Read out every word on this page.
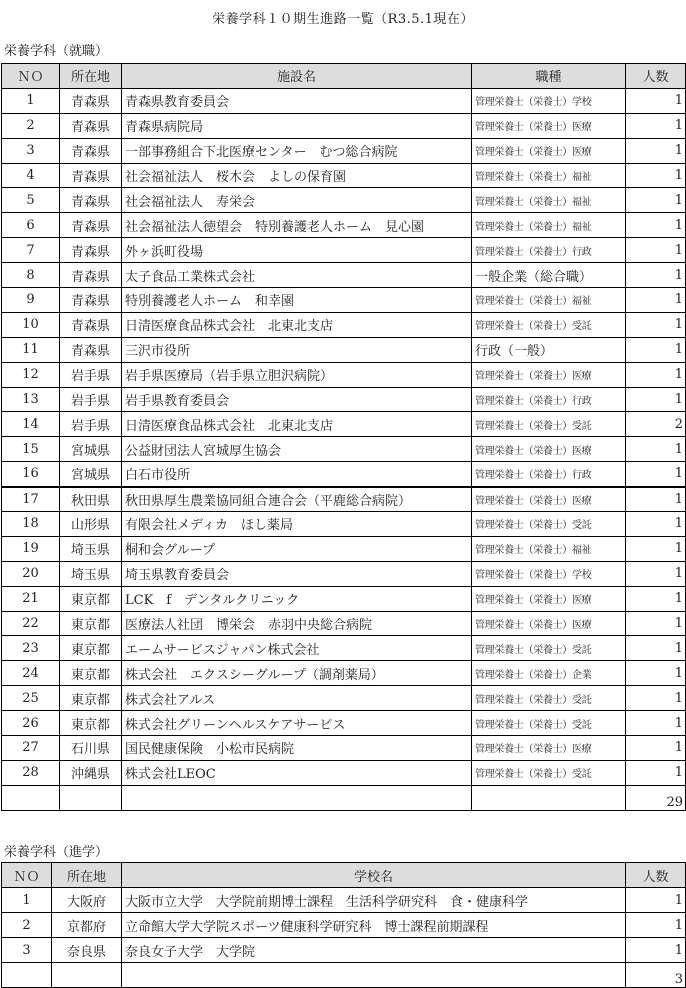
栄養学科１０期生進路一覧（R3.5.1現在）
栄養学科（就職）
ＮＯ	所在地	施設名	職種	人数
1	青森県	青森県教育委員会	管理栄養士（栄養士）学校	1
2	青森県	青森県病院局	管理栄養士（栄養士）医療	1
3	青森県	一部事務組合下北医療センター　むつ総合病院	管理栄養士（栄養士）医療	1
4	青森県	社会福祉法人　桜木会　よしの保育園	管理栄養士（栄養士）福祉	1
5	青森県	社会福祉法人　寿栄会	管理栄養士（栄養士）福祉	1
6	青森県	社会福祉法人徳望会　特別養護老人ホーム　見心園	管理栄養士（栄養士）福祉	1
7	青森県	外ヶ浜町役場	管理栄養士（栄養士）行政	1
8	青森県	太子食品工業株式会社	一般企業（総合職）	1
9	青森県	特別養護老人ホーム　和幸園	管理栄養士（栄養士）福祉	1
10	青森県	日清医療食品株式会社　北東北支店	管理栄養士（栄養士）受託	1
11	青森県	三沢市役所	行政（一般）	1
12	岩手県	岩手県医療局（岩手県立胆沢病院）	管理栄養士（栄養士）医療	1
13	岩手県	岩手県教育委員会	管理栄養士（栄養士）行政	1
14	岩手県	日清医療食品株式会社　北東北支店	管理栄養士（栄養士）受託	2
15	宮城県	公益財団法人宮城厚生協会	管理栄養士（栄養士）医療	1
16	宮城県	白石市役所	管理栄養士（栄養士）行政	1
17	秋田県	秋田県厚生農業協同組合連合会（平鹿総合病院）	管理栄養士（栄養士）医療	1
18	山形県	有限会社メディカ　ほし薬局	管理栄養士（栄養士）受託	1
19	埼玉県	桐和会グループ	管理栄養士（栄養士）福祉	1
20	埼玉県	埼玉県教育委員会	管理栄養士（栄養士）学校	1
21	東京都	LCK　f　デンタルクリニック	管理栄養士（栄養士）医療	1
22	東京都	医療法人社団　博栄会　赤羽中央総合病院	管理栄養士（栄養士）医療	1
23	東京都	エームサービスジャパン株式会社	管理栄養士（栄養士）受託	1
24	東京都	株式会社　エクスシーグループ（調剤薬局）	管理栄養士（栄養士）企業	1
25	東京都	株式会社アルス	管理栄養士（栄養士）受託	1
26	東京都	株式会社グリーンヘルスケアサービス	管理栄養士（栄養士）受託	1
27	石川県	国民健康保険　小松市民病院	管理栄養士（栄養士）医療	1
28	沖縄県	株式会社LEOC	管理栄養士（栄養士）受託	1
				29
栄養学科（進学）
ＮＯ	所在地	学校名	人数
1	大阪府	大阪市立大学　大学院前期博士課程　生活科学研究科　食・健康科学	1
2	京都府	立命館大学大学院スポーツ健康科学研究科　博士課程前期課程	1
3	奈良県	奈良女子大学　大学院	1
			3
